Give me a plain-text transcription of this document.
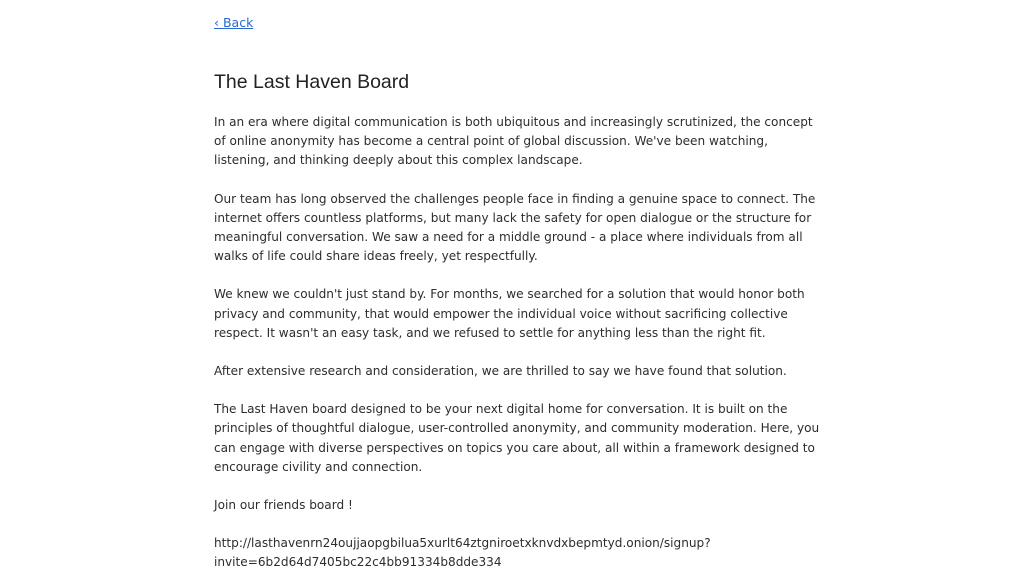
‹ Back
The Last Haven Board

In an era where digital communication is both ubiquitous and increasingly scrutinized, the concept of online anonymity has become a central point of global discussion. We've been watching, listening, and thinking deeply about this complex landscape.

Our team has long observed the challenges people face in finding a genuine space to connect. The internet offers countless platforms, but many lack the safety for open dialogue or the structure for meaningful conversation. We saw a need for a middle ground - a place where individuals from all walks of life could share ideas freely, yet respectfully.

We knew we couldn't just stand by. For months, we searched for a solution that would honor both privacy and community, that would empower the individual voice without sacrificing collective respect. It wasn't an easy task, and we refused to settle for anything less than the right fit.

After extensive research and consideration, we are thrilled to say we have found that solution.

The Last Haven board designed to be your next digital home for conversation. It is built on the principles of thoughtful dialogue, user-controlled anonymity, and community moderation. Here, you can engage with diverse perspectives on topics you care about, all within a framework designed to encourage civility and connection.

Join our friends board !

http://lasthavenrn24oujjaopgbilua5xurlt64ztgniroetxknvdxbepmtyd.onion/signup?
invite=6b2d64d7405bc22c4bb91334b8dde334
